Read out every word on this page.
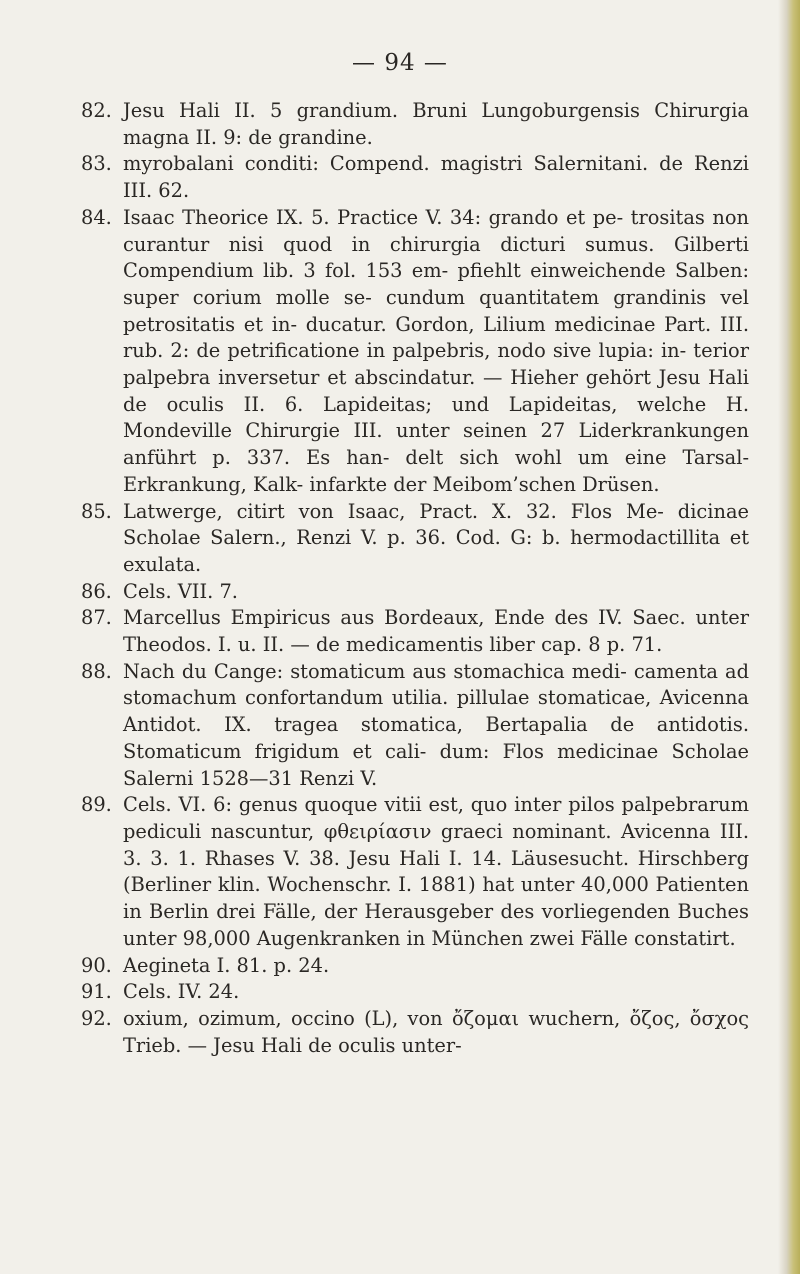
— 94 —
82. Jesu Hali II. 5 grandium. Bruni Lungoburgensis Chirurgia magna II. 9: de grandine.
83. myrobalani conditi: Compend. magistri Salernitani. de Renzi III. 62.
84. Isaac Theorice IX. 5. Practice V. 34: grando et pe- trositas non curantur nisi quod in chirurgia dicturi sumus. Gilberti Compendium lib. 3 fol. 153 em- pfiehlt einweichende Salben: super corium molle se- cundum quantitatem grandinis vel petrositatis et in- ducatur. Gordon, Lilium medicinae Part. III. rub. 2: de petrificatione in palpebris, nodo sive lupia: in- terior palpebra inversetur et abscindatur. — Hieher gehört Jesu Hali de oculis II. 6. Lapideitas; und Lapideitas, welche H. Mondeville Chirurgie III. unter seinen 27 Liderkrankungen anführt p. 337. Es han- delt sich wohl um eine Tarsal-Erkrankung, Kalk- infarkte der Meibom’schen Drüsen.
85. Latwerge, citirt von Isaac, Pract. X. 32. Flos Me- dicinae Scholae Salern., Renzi V. p. 36. Cod. G: b. hermodactillita et exulata.
86. Cels. VII. 7.
87. Marcellus Empiricus aus Bordeaux, Ende des IV. Saec. unter Theodos. I. u. II. — de medicamentis liber cap. 8 p. 71.
88. Nach du Cange: stomaticum aus stomachica medi- camenta ad stomachum confortandum utilia. pillulae stomaticae, Avicenna Antidot. IX. tragea stomatica, Bertapalia de antidotis. Stomaticum frigidum et cali- dum: Flos medicinae Scholae Salerni 1528—31 Renzi V.
89. Cels. VI. 6: genus quoque vitii est, quo inter pilos palpebrarum pediculi nascuntur, φθειρίασιν graeci nominant. Avicenna III. 3. 3. 1. Rhases V. 38. Jesu Hali I. 14. Läusesucht. Hirschberg (Berliner klin. Wochenschr. I. 1881) hat unter 40,000 Patienten in Berlin drei Fälle, der Herausgeber des vorliegenden Buches unter 98,000 Augenkranken in München zwei Fälle constatirt.
90. Aegineta I. 81. p. 24.
91. Cels. IV. 24.
92. oxium, ozimum, occino (L), von ὄζομαι wuchern, ὄζος, ὄσχος Trieb. — Jesu Hali de oculis unter-
